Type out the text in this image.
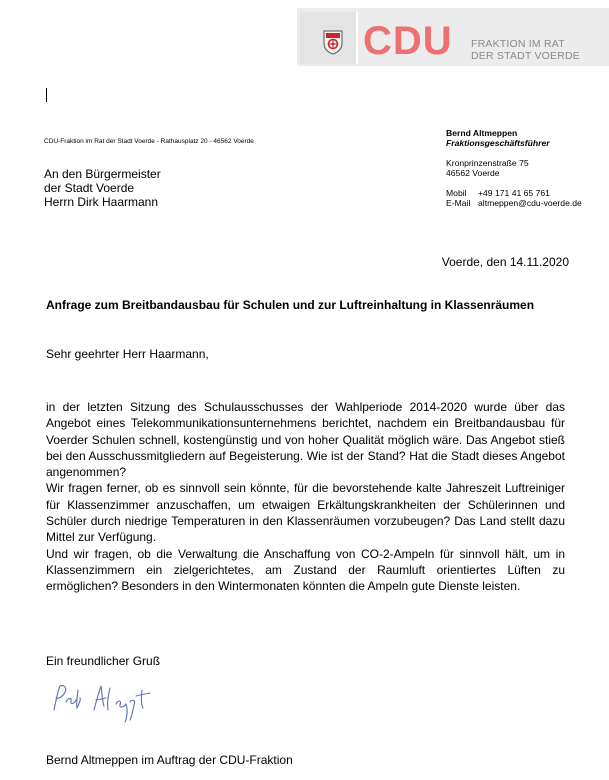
CDU FRAKTION IM RAT
DER STADT VOERDE
CDU-Fraktion im Rat der Stadt Voerde - Rathausplatz 20 - 46562 Voerde
An den Bürgermeister
der Stadt Voerde
Herrn Dirk Haarmann
Bernd Altmeppen
Fraktionsgeschäftsführer
Kronprinzenstraße 75
46562 Voerde
Mobil +49 171 41 65 761
E-Mail altmeppen@cdu-voerde.de
Voerde, den 14.11.2020
Anfrage zum Breitbandausbau für Schulen und zur Luftreinhaltung in Klassenräumen
Sehr geehrter Herr Haarmann,

in der letzten Sitzung des Schulausschusses der Wahlperiode 2014-2020 wurde über das Angebot eines Telekommunikationsunternehmens berichtet, nachdem ein Breitbandausbau für Voerder Schulen schnell, kostengünstig und von hoher Qualität möglich wäre. Das Angebot stieß bei den Ausschussmitgliedern auf Begeisterung. Wie ist der Stand? Hat die Stadt dieses Angebot angenommen?

Wir fragen ferner, ob es sinnvoll sein könnte, für die bevorstehende kalte Jahreszeit Luftreiniger für Klassenzimmer anzuschaffen, um etwaigen Erkältungskrankheiten der Schülerinnen und Schüler durch niedrige Temperaturen in den Klassenräumen vorzubeugen? Das Land stellt dazu Mittel zur Verfügung.

Und wir fragen, ob die Verwaltung die Anschaffung von CO-2-Ampeln für sinnvoll hält, um in Klassenzimmern ein zielgerichtetes, am Zustand der Raumluft orientiertes Lüften zu ermöglichen? Besonders in den Wintermonaten könnten die Ampeln gute Dienste leisten.

Ein freundlicher Gruß
Bernd Altmeppen im Auftrag der CDU-Fraktion
